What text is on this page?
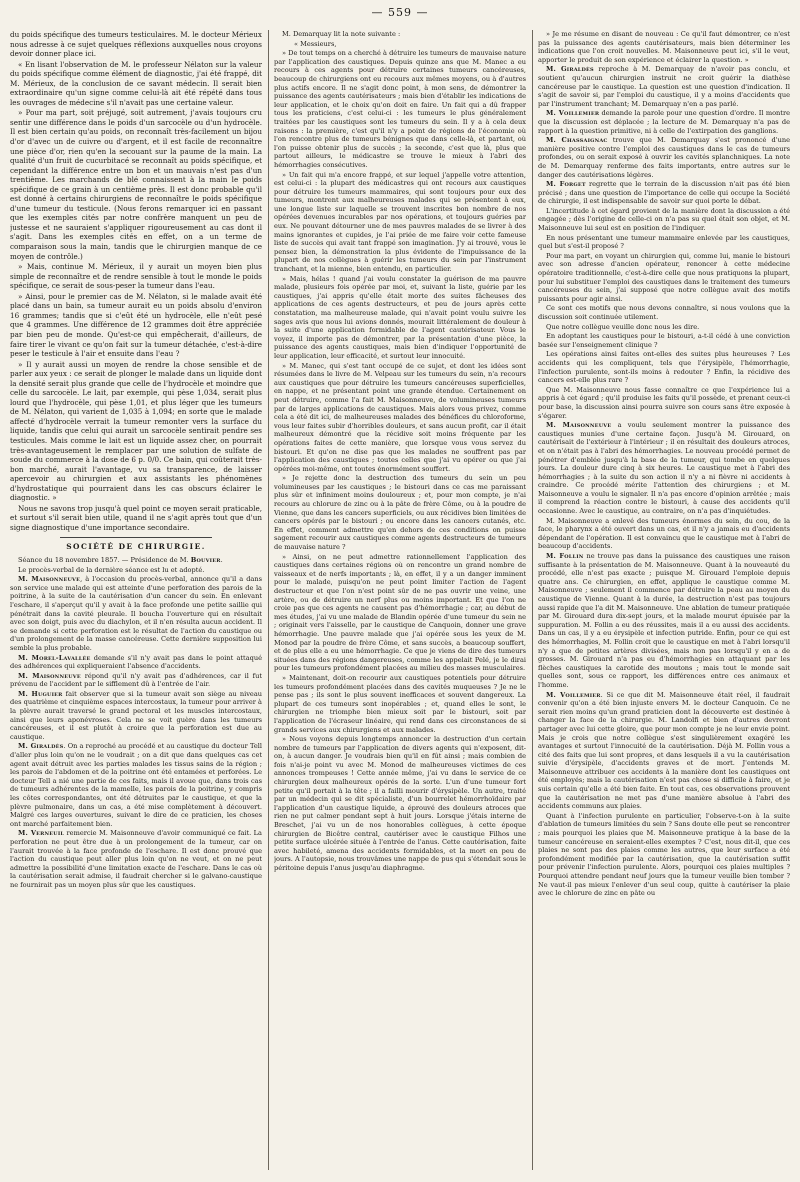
— 559 —

du poids spécifique des tumeurs testiculaires. M. le docteur Mérieux nous adresse à ce sujet quelques réflexions auxquelles nous croyons devoir donner place ici.

« En lisant l'observation de M. le professeur Nélaton sur la valeur du poids spécifique comme élément de diagnostic, j'ai été frappé, dit M. Mérieux, de la conclusion de ce savant médecin. Il serait bien extraordinaire qu'un signe comme celui-là ait été répété dans tous les ouvrages de médecine s'il n'avait pas une certaine valeur.

» Pour ma part, soit préjugé, soit autrement, j'avais toujours cru sentir une différence dans le poids d'un sarcocèle ou d'un hydrocèle. Il est bien certain qu'au poids, on reconnaît très-facilement un bijou d'or d'avec un de cuivre ou d'argent, et il est facile de reconnaître une pièce d'or, rien qu'en la secouant sur la paume de la main. La qualité d'un fruit de cucurbitacé se reconnaît au poids spécifique, et cependant la différence entre un bon et un mauvais n'est pas d'un trentième. Les marchands de blé connaissent à la main le poids spécifique de ce grain à un centième près. Il est donc probable qu'il est donné à certains chirurgiens de reconnaître le poids spécifique d'une tumeur du testicule. (Nous ferons remarquer ici en passant que les exemples cités par notre confrère manquent un peu de justesse et ne sauraient s'appliquer rigoureusement au cas dont il s'agit. Dans les exemples cités en effet, on a un terme de comparaison sous la main, tandis que le chirurgien manque de ce moyen de contrôle.)

» Mais, continue M. Mérieux, il y aurait un moyen bien plus simple de reconnaître et de rendre sensible à tout le monde le poids spécifique, ce serait de sous-peser la tumeur dans l'eau.

» Ainsi, pour le premier cas de M. Nélaton, si le malade avait été placé dans un bain, sa tumeur aurait eu un poids absolu d'environ 16 grammes; tandis que si c'eût été un hydrocèle, elle n'eût pesé que 4 grammes. Une différence de 12 grammes doit être appréciée par bien peu de monde. Qu'est-ce qui empêcherait, d'ailleurs, de faire tirer le vivant ce qu'on fait sur la tumeur détachée, c'est-à-dire peser le testicule à l'air et ensuite dans l'eau ?

» Il y aurait aussi un moyen de rendre la chose sensible et de parler aux yeux : ce serait de plonger le malade dans un liquide dont la densité serait plus grande que celle de l'hydrocèle et moindre que celle du sarcocèle. Le lait, par exemple, qui pèse 1,034, serait plus lourd que l'hydrocèle, qui pèse 1,01, et plus léger que les tumeurs de M. Nélaton, qui varient de 1,035 à 1,094; en sorte que le malade affecté d'hydrocèle verrait la tumeur remonter vers la surface du liquide, tandis que celui qui aurait un sarcocèle sentirait pendre ses testicules. Mais comme le lait est un liquide assez cher, on pourrait très-avantageusement le remplacer par une solution de sulfate de soude du commerce à la dose de 6 p. 0/0. Ce bain, qui coûterait très-bon marché, aurait l'avantage, vu sa transparence, de laisser apercevoir au chirurgien et aux assistants les phénomènes d'hydrostatique qui pourraient dans les cas obscurs éclairer le diagnostic. »

Nous ne savons trop jusqu'à quel point ce moyen serait praticable, et surtout s'il serait bien utile, quand il ne s'agit après tout que d'un signe diagnostique d'une importance secondaire.

SOCIÉTÉ DE CHIRURGIE.

Séance du 18 novembre 1857. — Présidence de M. Bouvier.

Le procès-verbal de la dernière séance est lu et adopté.

M. Maisonneuve, à l'occasion du procès-verbal, annonce qu'il a dans son service une malade qui est atteinte d'une perforation des parois de la poitrine, à la suite de la cautérisation d'un cancer du sein. En enlevant l'eschare, il s'aperçut qu'il y avait à la face profonde une petite saillie qui pénétrait dans la cavité pleurale. Il boucha l'ouverture qui en résultait avec son doigt, puis avec du diachylon, et il n'en résulta aucun accident. Il se demande si cette perforation est le résultat de l'action du caustique ou d'un prolongement de la masse cancéreuse. Cette dernière supposition lui semble la plus probable.

M. Morel-Lavallée demande s'il n'y avait pas dans le point attaqué des adhérences qui expliqueraient l'absence d'accidents.

M. Maisonneuve répond qu'il n'y avait pas d'adhérences, car il fut prévenu de l'accident par le sifflement dû à l'entrée de l'air.

M. Huguier fait observer que si la tumeur avait son siège au niveau des quatrième et cinquième espaces intercostaux, la tumeur pour arriver à la plèvre aurait traversé le grand pectoral et les muscles intercostaux, ainsi que leurs aponévroses. Cela ne se voit guère dans les tumeurs cancéreuses, et il est plutôt à croire que la perforation est due au caustique.

M. Giraldès. On a reproché au procédé et au caustique du docteur Tell d'aller plus loin qu'on ne le voudrait ; on a dit que dans quelques cas cet agent avait détruit avec les parties malades les tissus sains de la région ; les parois de l'abdomen et de la poitrine ont été entamées et perforées. Le docteur Tell a nié une partie de ces faits, mais il avoue que, dans trois cas de tumeurs adhérentes de la mamelle, les parois de la poitrine, y compris les côtes correspondantes, ont été détruites par le caustique, et que la plèvre pulmonaire, dans un cas, a été mise complètement à découvert. Malgré ces larges ouvertures, suivant le dire de ce praticien, les choses ont marché parfaitement bien.

M. Verneuil remercie M. Maisonneuve d'avoir communiqué ce fait. La perforation ne peut être due à un prolongement de la tumeur, car on l'aurait trouvée à la face profonde de l'eschare. Il est donc prouvé que l'action du caustique peut aller plus loin qu'on ne veut, et on ne peut admettre la possibilité d'une limitation exacte de l'eschare. Dans le cas où la cautérisation serait admise, il faudrait chercher si le galvano-caustique ne fournirait pas un moyen plus sûr que les caustiques.

M. Demarquay lit la note suivante :

« Messieurs,

» De tout temps on a cherché à détruire les tumeurs de mauvaise nature par l'application des caustiques. Depuis quinze ans que M. Manec a eu recours à ces agents pour détruire certaines tumeurs cancéreuses, beaucoup de chirurgiens ont eu recours aux mêmes moyens, ou à d'autres plus actifs encore. Il ne s'agit donc point, à mon sens, de démontrer la puissance des agents cautérisateurs ; mais bien d'établir les indications de leur application, et le choix qu'on doit en faire. Un fait qui a dû frapper tous les praticiens, c'est celui-ci : les tumeurs le plus généralement traitées par les caustiques sont les tumeurs du sein. Il y a à cela deux raisons : la première, c'est qu'il n'y a point de régions de l'économie où l'on rencontre plus de tumeurs bénignes que dans celle-là, et partant, où l'on puisse obtenir plus de succès ; la seconde, c'est que là, plus que partout ailleurs, le médicastre se trouve le mieux à l'abri des hémorrhagies consécutives.

» Un fait qui m'a encore frappé, et sur lequel j'appelle votre attention, est celui-ci : la plupart des médicastres qui ont recours aux caustiques pour détruire les tumeurs mammaires, qui sont toujours pour eux des tumeurs, montrent aux malheureuses malades qui se présentent à eux, une longue liste sur laquelle se trouvent inscrites bon nombre de nos opérées devenues incurables par nos opérations, et toujours guéries par eux. Ne pouvant détourner une de mes pauvres malades de se livrer à des mains ignorantes et cupides, je l'ai priée de me faire voir cette fameuse liste de succès qui avait tant frappé son imagination. J'y ai trouvé, vous le pensez bien, la démonstration la plus évidente de l'impuissance de la plupart de nos collègues à guérir les tumeurs du sein par l'instrument tranchant, et la mienne, bien entendu, en particulier.

» Mais, hélas ! quand j'ai voulu constater la guérison de ma pauvre malade, plusieurs fois opérée par moi, et, suivant la liste, guérie par les caustiques, j'ai appris qu'elle était morte des suites fâcheuses des applications de ces agents destructeurs, et peu de jours après cette constatation, ma malheureuse malade, qui n'avait point voulu suivre les sages avis que nous lui avions donnés, mourait littéralement de douleur à la suite d'une application formidable de l'agent cautérisateur. Vous le voyez, il importe pas de démontrer, par la présentation d'une pièce, la puissance des agents caustiques, mais bien d'indiquer l'opportunité de leur application, leur efficacité, et surtout leur innocuité.

» M. Manec, qui s'est tant occupé de ce sujet, et dont les idées sont résumées dans le livre de M. Velpeau sur les tumeurs du sein, n'a recours aux caustiques que pour détruire les tumeurs cancéreuses superficielles, en nappe, et ne présentant point une grande étendue. Certainement on peut détruire, comme l'a fait M. Maisonneuve, de volumineuses tumeurs par de larges applications de caustiques. Mais alors vous privez, comme cela a été dit ici, de malheureuses malades des bénéfices du chloroforme, vous leur faites subir d'horribles douleurs, et sans aucun profit, car il était malheureux démontré que la récidive soit moins fréquente par les opérations faites de cette manière, que lorsque vous vous servez du bistouri. Et qu'on ne dise pas que les malades ne souffrent pas par l'application des caustiques ; toutes celles que j'ai vu opérer ou que j'ai opérées moi-même, ont toutes énormément souffert.

» Je rejette donc la destruction des tumeurs du sein un peu volumineuses par les caustiques ; le bistouri dans ce cas me paraissant plus sûr et infiniment moins douloureux ; et, pour mon compte, je n'ai recours au chlorure de zinc ou à la pâte de frère Côme, ou à la poudre de Vienne, que dans les cancers superficiels, ou aux récidives bien limitées de cancers opérés par le bistouri ; ou encore dans les cancers cutanés, etc. En effet, comment admettre qu'en dehors de ces conditions on puisse sagement recourir aux caustiques comme agents destructeurs de tumeurs de mauvaise nature ?

» Ainsi, on ne peut admettre rationnellement l'application des caustiques dans certaines régions où on rencontre un grand nombre de vaisseaux et de nerfs importants ; là, en effet, il y a un danger imminent pour le malade, puisqu'on ne peut point limiter l'action de l'agent destructeur et que l'on n'est point sûr de ne pas ouvrir une veine, une artère, ou de détruire un nerf plus ou moins important. Et que l'on ne croie pas que ces agents ne causent pas d'hémorrhagie ; car, au début de mes études, j'ai vu une malade de Blandin opérée d'une tumeur du sein ne ; originait vers l'aisselle, par le caustique de Canquoin, donner une grave hémorrhagie. Une pauvre malade que j'ai opérée sous les yeux de M. Monod par la poudre de frère Côme, et sans succès, a beaucoup souffert, et de plus elle a eu une hémorrhagie. Ce que je viens de dire des tumeurs situées dans des régions dangereuses, comme les appelait Pelé, je le dirai pour les tumeurs profondément placées au milieu des masses musculaires.

» Maintenant, doit-on recourir aux caustiques potentiels pour détruire les tumeurs profondément placées dans des cavités muqueuses ? Je ne le pense pas ; ils sont le plus souvent inefficaces et souvent dangereux. La plupart de ces tumeurs sont inopérables ; et, quand elles le sont, le chirurgien ne triomphe bien mieux soit par le bistouri, soit par l'application de l'écraseur linéaire, qui rend dans ces circonstances de si grands services aux chirurgiens et aux malades.

» Nous voyons depuis longtemps annoncer la destruction d'un certain nombre de tumeurs par l'application de divers agents qui n'exposent, dit-on, à aucun danger. Je voudrais bien qu'il en fût ainsi ; mais combien de fois n'ai-je point vu avec M. Monod de malheureuses victimes de ces annonces trompeuses ! Cette année même, j'ai vu dans le service de ce chirurgien deux malheureux opérés de la sorte. L'un d'une tumeur fort petite qu'il portait à la tête ; il a failli mourir d'érysipèle. Un autre, traité par un médecin qui se dit spécialiste, d'un bourrelet hémorrhoïdaire par l'application d'un caustique liquide, a éprouvé des douleurs atroces que rien ne put calmer pendant sept à huit jours. Lorsque j'étais interne de Breschet, j'ai vu un de nos honorables collègues, à cette époque chirurgien de Bicêtre central, cautériser avec le caustique Filhos une petite surface ulcérée située à l'entrée de l'anus. Cette cautérisation, faite avec habileté, amena des accidents formidables, et la mort en peu de jours. A l'autopsie, nous trouvâmes une nappe de pus qui s'étendait sous le péritoine depuis l'anus jusqu'au diaphragme.

» Je me résume en disant de nouveau : Ce qu'il faut démontrer, ce n'est pas la puissance des agents cautérisateurs, mais bien déterminer les indications que l'on croit nouvelles. M. Maisonneuve peut ici, s'il le veut, apporter le produit de son expérience et éclairer la question. »

M. Giraldès reproche à M. Demarquay de n'avoir pas conclu, et soutient qu'aucun chirurgien instruit ne croit guérir la diathèse cancéreuse par le caustique. La question est une question d'indication. Il s'agit de savoir si, par l'emploi du caustique, il y a moins d'accidents que par l'instrument tranchant; M. Demarquay n'en a pas parlé.

M. Voillemier demande la parole pour une question d'ordre. Il montre que la discussion est déplacée ; la lecture de M. Demarquay n'a pas de rapport à la question primitive, ni à celle de l'extirpation des ganglions.

M. Chassaignac trouve que M. Demarquay s'est prononcé d'une manière positive contre l'emploi des caustiques dans le cas de tumeurs profondes, ou on serait exposé à ouvrir les cavités splanchniques. La note de M. Demarquay renferme des faits importants, entre autres sur le danger des cautérisations légères.

M. Forget regrette que le terrain de la discussion n'ait pas été bien précisé ; dans une question de l'importance de celle qui occupe la Société de chirurgie, il est indispensable de savoir sur quoi porte le débat.

L'incertitude à cet égard provient de la manière dont la discussion a été engagée ; dès l'origine de celle-ci on n'a pas su quel était son objet, et M. Maisonneuve lui seul est en position de l'indiquer.

En nous présentant une tumeur mammaire enlevée par les caustiques, quel but s'est-il proposé ?

Pour ma part, en voyant un chirurgien qui, comme lui, manie le bistouri avec son adresse d'ancien opérateur, renoncer à cette médecine opératoire traditionnelle, c'est-à-dire celle que nous pratiquons la plupart, pour lui substituer l'emploi des caustiques dans le traitement des tumeurs cancéreuses du sein, j'ai supposé que notre collègue avait des motifs puissants pour agir ainsi.

Ce sont ces motifs que nous devons connaître, si nous voulons que la discussion soit continuée utilement.

Que notre collègue veuille donc nous les dire.

En adoptant les caustiques pour le bistouri, a-t-il cédé à une conviction basée sur l'enseignement clinique ?

Les opérations ainsi faites ont-elles des suites plus heureuses ? Les accidents qui les compliquent, tels que l'érysipèle, l'hémorrhagie, l'infection purulente, sont-ils moins à redouter ? Enfin, la récidive des cancers est-elle plus rare ?

Que M. Maisonneuve nous fasse connaître ce que l'expérience lui a appris à cet égard ; qu'il produise les faits qu'il possède, et prenant ceux-ci pour base, la discussion ainsi pourra suivre son cours sans être exposée à s'égarer.

M. Maisonneuve a voulu seulement montrer la puissance des caustiques munies d'une certaine façon. Jusqu'à M. Girouard, on cautérisait de l'extérieur à l'intérieur ; il en résultait des douleurs atroces, et on n'était pas à l'abri des hémorrhagies. Le nouveau procédé permet de pénétrer d'emblée jusqu'à la base de la tumeur, qui tombe en quelques jours. La douleur dure cinq à six heures. Le caustique met à l'abri des hémorrhagies ; à la suite du son action il n'y a ni fièvre ni accidents à craindre. Ce procédé mérite l'attention des chirurgiens ; et M. Maisonneuve a voulu le signaler. Il n'a pas encore d'opinion arrêtée ; mais il comprend la réaction contre le bistouri, à cause des accidents qu'il occasionne. Avec le caustique, au contraire, on n'a pas d'inquiétudes.

M. Maisonneuve a enlevé des tumeurs énormes du sein, du cou, de la face, le pharynx a été ouvert dans un cas, et il n'y a jamais eu d'accidents dépendant de l'opération. Il est convaincu que le caustique met à l'abri de beaucoup d'accidents.

M. Follin ne trouve pas dans la puissance des caustiques une raison suffisante à la présentation de M. Maisonneuve. Quant à la nouveauté du procédé, elle n'est pas exacte ; puisque M. Girouard l'emploie depuis quatre ans. Ce chirurgien, en effet, applique le caustique comme M. Maisonneuve ; seulement il commence par détruire la peau au moyen du caustique de Vienne. Quant à la durée, la destruction n'est pas toujours aussi rapide que l'a dit M. Maisonneuve. Une ablation de tumeur pratiquée par M. Girouard dura dix-sept jours, et la malade mourut épuisée par la suppuration. M. Follin a eu des réussites, mais il a eu aussi des accidents. Dans un cas, il y a eu érysipèle et infection putride. Enfin, pour ce qui est des hémorrhagies, M. Follin croit que le caustique en met à l'abri lorsqu'il n'y a que de petites artères divisées, mais non pas lorsqu'il y en a de grosses. M. Girouard n'a pas eu d'hémorrhagies en attaquant par les flèches caustiques la carotide des moutons ; mais tout le monde sait quelles sont, sous ce rapport, les différences entre ces animaux et l'homme.

M. Voillemier. Si ce que dit M. Maisonneuve était réel, il faudrait convenir qu'on a été bien injuste envers M. le docteur Canquoin. Ce ne serait rien moins qu'un grand praticien dont la découverte est destinée à changer la face de la chirurgie. M. Landolfi et bien d'autres devront partager avec lui cette gloire, que pour mon compte je ne leur envie point. Mais je crois que notre collègue s'est singulièrement exagéré les avantages et surtout l'innocuité de la cautérisation. Déjà M. Follin vous a cité des faits que lui sont propres, et dans lesquels il a vu la cautérisation suivie d'érysipèle, d'accidents graves et de mort. J'entends M. Maisonneuve attribuer ces accidents à la manière dont les caustiques ont été employés; mais la cautérisation n'est pas chose si difficile à faire, et je suis certain qu'elle a été bien faite. En tout cas, ces observations prouvent que la cautérisation ne met pas d'une manière absolue à l'abri des accidents communs aux plaies.

Quant à l'infection purulente en particulier, l'observe-t-on à la suite d'ablation de tumeurs limitées du sein ? Sans doute elle peut se rencontrer ; mais pourquoi les plaies que M. Maisonneuve pratique à la base de la tumeur cancéreuse en seraient-elles exemptes ? C'est, nous dit-il, que ces plaies ne sont pas des plaies comme les autres, que leur surface a été profondément modifiée par la cautérisation, que la cautérisation suffit pour prévenir l'infection purulente. Alors, pourquoi ces plaies multiples ? Pourquoi attendre pendant neuf jours que la tumeur veuille bien tomber ? Ne vaut-il pas mieux l'enlever d'un seul coup, quitte à cautériser la plaie avec le chlorure de zinc en pâte ou
